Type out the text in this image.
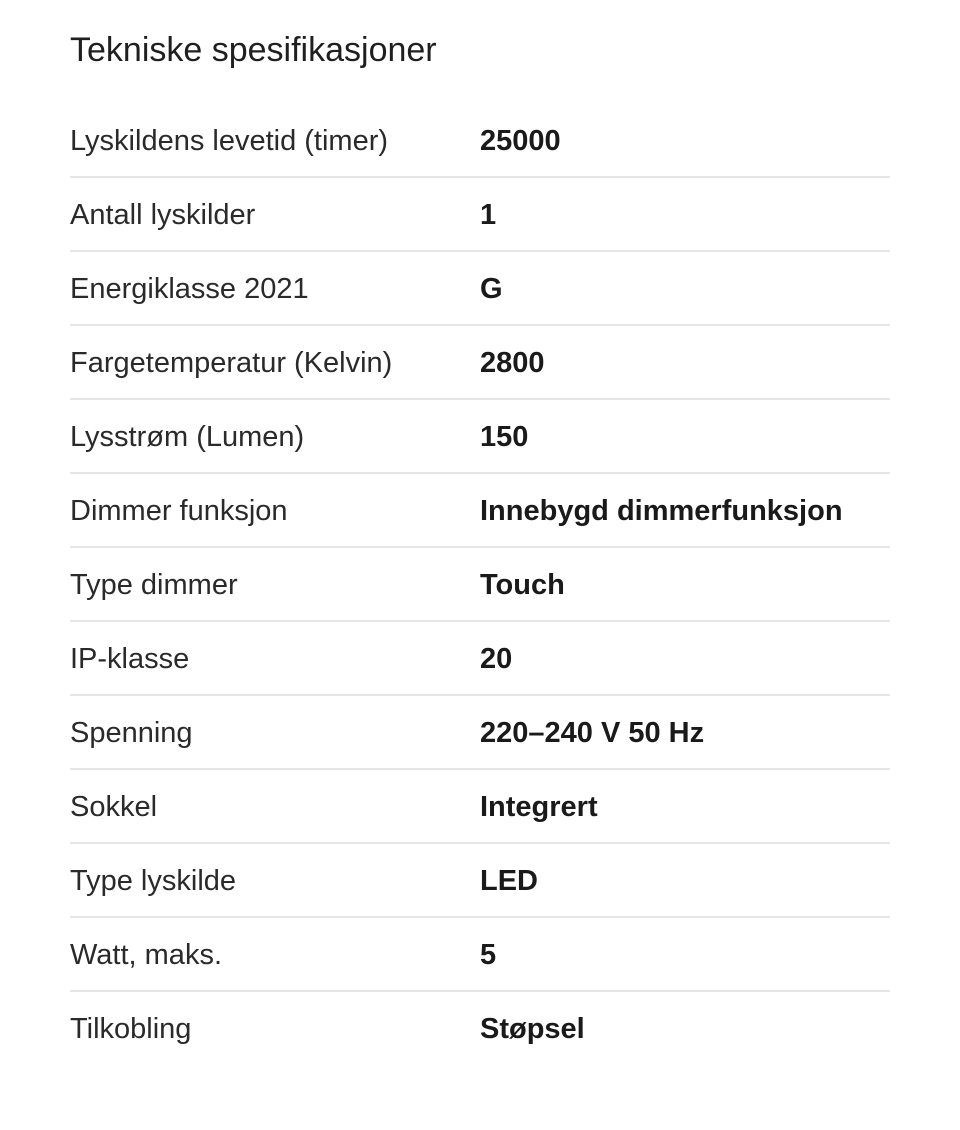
Tekniske spesifikasjoner
Lyskildens levetid (timer)	25000
Antall lyskilder	1
Energiklasse 2021	G
Fargetemperatur (Kelvin)	2800
Lysstrøm (Lumen)	150
Dimmer funksjon	Innebygd dimmerfunksjon
Type dimmer	Touch
IP-klasse	20
Spenning	220–240 V 50 Hz
Sokkel	Integrert
Type lyskilde	LED
Watt, maks.	5
Tilkobling	Støpsel
